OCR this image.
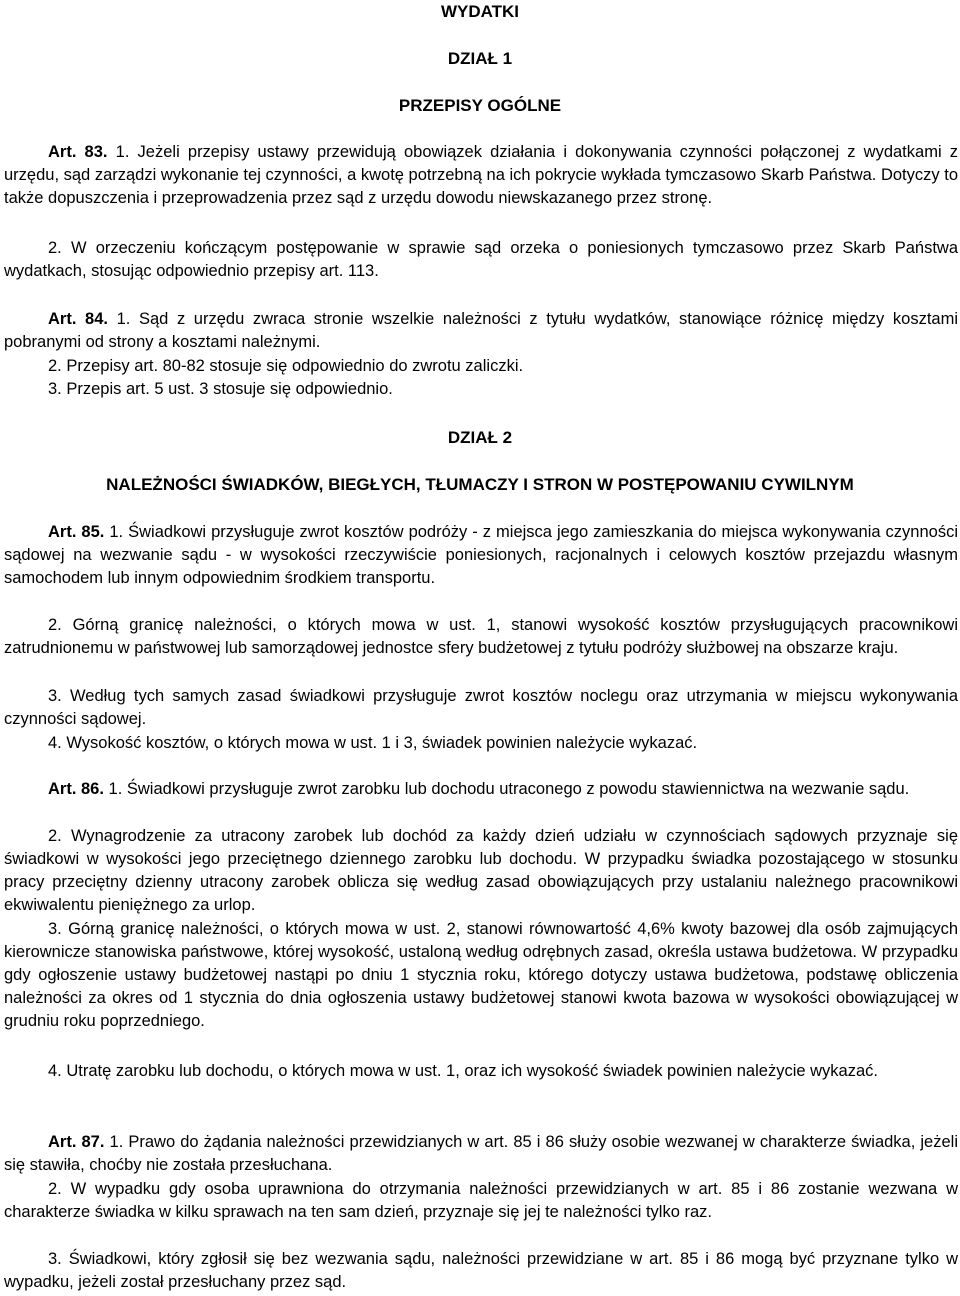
WYDATKI
DZIAŁ 1
PRZEPISY OGÓLNE

Art. 83. 1. Jeżeli przepisy ustawy przewidują obowiązek działania i dokonywania czynności połączonej z wydatkami z urzędu, sąd zarządzi wykonanie tej czynności, a kwotę potrzebną na ich pokrycie wykłada tymczasowo Skarb Państwa. Dotyczy to także dopuszczenia i przeprowadzenia przez sąd z urzędu dowodu niewskazanego przez stronę.

2. W orzeczeniu kończącym postępowanie w sprawie sąd orzeka o poniesionych tymczasowo przez Skarb Państwa wydatkach, stosując odpowiednio przepisy art. 113.

Art. 84. 1. Sąd z urzędu zwraca stronie wszelkie należności z tytułu wydatków, stanowiące różnicę między kosztami pobranymi od strony a kosztami należnymi.

2. Przepisy art. 80-82 stosuje się odpowiednio do zwrotu zaliczki.

3. Przepis art. 5 ust. 3 stosuje się odpowiednio.

DZIAŁ 2
NALEŻNOŚCI ŚWIADKÓW, BIEGŁYCH, TŁUMACZY I STRON W POSTĘPOWANIU CYWILNYM

Art. 85. 1. Świadkowi przysługuje zwrot kosztów podróży - z miejsca jego zamieszkania do miejsca wykonywania czynności sądowej na wezwanie sądu - w wysokości rzeczywiście poniesionych, racjonalnych i celowych kosztów przejazdu własnym samochodem lub innym odpowiednim środkiem transportu.

2. Górną granicę należności, o których mowa w ust. 1, stanowi wysokość kosztów przysługujących pracownikowi zatrudnionemu w państwowej lub samorządowej jednostce sfery budżetowej z tytułu podróży służbowej na obszarze kraju.

3. Według tych samych zasad świadkowi przysługuje zwrot kosztów noclegu oraz utrzymania w miejscu wykonywania czynności sądowej.

4. Wysokość kosztów, o których mowa w ust. 1 i 3, świadek powinien należycie wykazać.

Art. 86. 1. Świadkowi przysługuje zwrot zarobku lub dochodu utraconego z powodu stawiennictwa na wezwanie sądu.

2. Wynagrodzenie za utracony zarobek lub dochód za każdy dzień udziału w czynnościach sądowych przyznaje się świadkowi w wysokości jego przeciętnego dziennego zarobku lub dochodu. W przypadku świadka pozostającego w stosunku pracy przeciętny dzienny utracony zarobek oblicza się według zasad obowiązujących przy ustalaniu należnego pracownikowi ekwiwalentu pieniężnego za urlop.

3. Górną granicę należności, o których mowa w ust. 2, stanowi równowartość 4,6% kwoty bazowej dla osób zajmujących kierownicze stanowiska państwowe, której wysokość, ustaloną według odrębnych zasad, określa ustawa budżetowa. W przypadku gdy ogłoszenie ustawy budżetowej nastąpi po dniu 1 stycznia roku, którego dotyczy ustawa budżetowa, podstawę obliczenia należności za okres od 1 stycznia do dnia ogłoszenia ustawy budżetowej stanowi kwota bazowa w wysokości obowiązującej w grudniu roku poprzedniego.

4. Utratę zarobku lub dochodu, o których mowa w ust. 1, oraz ich wysokość świadek powinien należycie wykazać.

Art. 87. 1. Prawo do żądania należności przewidzianych w art. 85 i 86 służy osobie wezwanej w charakterze świadka, jeżeli się stawiła, choćby nie została przesłuchana.

2. W wypadku gdy osoba uprawniona do otrzymania należności przewidzianych w art. 85 i 86 zostanie wezwana w charakterze świadka w kilku sprawach na ten sam dzień, przyznaje się jej te należności tylko raz.

3. Świadkowi, który zgłosił się bez wezwania sądu, należności przewidziane w art. 85 i 86 mogą być przyznane tylko w wypadku, jeżeli został przesłuchany przez sąd.
